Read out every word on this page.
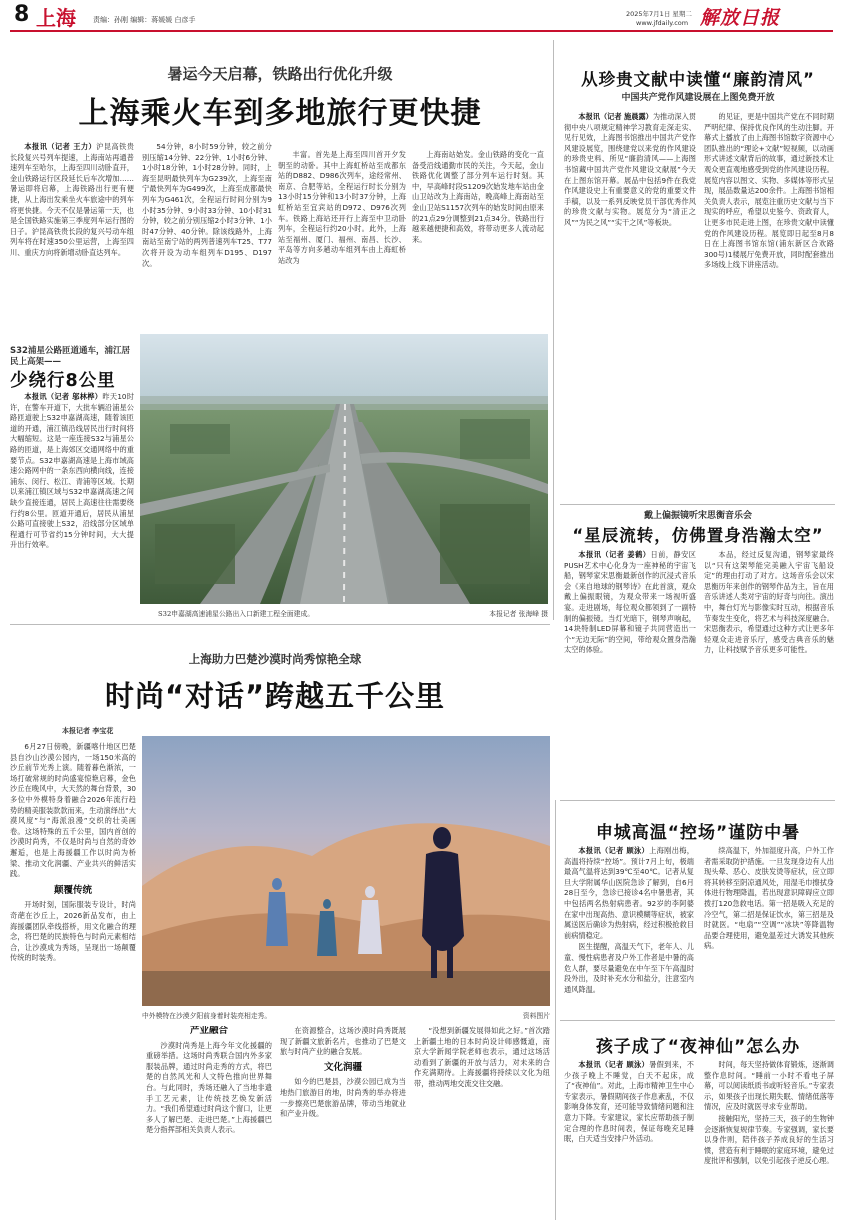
8 上海 责编：孙刚 编辑：蒋媛媛 白彦手
2025年7月1日 星期二
www.jfdaily.com 解放日报
暑运今天启幕，铁路出行优化升级
上海乘火车到多地旅行更快捷

本报讯（记者 王力）沪昆高铁贵长段复兴号列车提速，上海南站再通普速列车至哈尔，上海至四川动卧直开，金山铁路运行区段延长后车次增加……暑运即将启幕，上海铁路出行更有便捷，从上海出发乘坐火车旅途中的列车将更快捷。今天不仅是暑运第一天，也是全国铁路实施第三季度列车运行图的日子。沪昆高铁贵长段的复兴号动车组列车将在时速350公里运营，上海至四川、重庆方向将新增动卧直达列车。

54分钟，8小时59分钟，较之前分别压缩14分钟、22分钟、1小时6分钟、1小时18分钟，1小时28分钟。同时，上海至昆明最快列车为G239次，上海至南宁最快列车为G499次，上海至成都最快列车为G461次，全程运行时间分别为9小时35分钟、9小时33分钟、10小时31分钟，较之前分别压缩2小时3分钟、1小时47分钟、40分钟。除该线路外，上海南站至南宁站的两列普速列车T25、T77次将开设为动车组列车D195、D197次。

丰富。首先是上海至四川首开夕发朝至的动卧。其中上海虹桥站至成都东站的D882、D986次列车，途经常州、南京、合肥等站，全程运行时长分别为13小时15分钟和13小时37分钟，上海虹桥站至宜宾站的D972、D976次列车。铁路上海站还开行上海至中卫动卧列车，全程运行约20小时。此外，上海站至福州、厦门、福州、南昌、长沙、平岛等方向多趟动车组列车由上海虹桥站改为

上海南站始发。金山铁路的变化一直备受沿线通勤市民的关注，今天起，金山铁路优化调整了部分列车运行时刻。其中，早高峰时段S1209次始发地车站由金山卫站改为上海南站，晚高峰上海南站至金山卫站S1157次列车的始发时间由原来的21点29分调整到21点34分。铁路出行越来越便捷和高效，将带动更多人流动起来。

S32浦星公路匝道通车，浦江居民上高架——
少绕行8公里

本报讯（记者 邬林桦）昨天10时许，在警车开道下，大批车辆沿浦星公路匝道驶上S32申嘉湖高速，随着该匝道的开通，浦江镇沿线居民出行时间将大幅缩短。这是一座连接S32与浦星公路的匝道，是上海郊区交通网络中的重要节点。S32申嘉湖高速是上海市域高速公路网中的一条东西向横向线，连接浦东、闵行、松江、青浦等区域。长期以来浦江镇区域与S32申嘉湖高速之间缺少直接连通，居民上高速往往需要绕行约8公里。匝道开通后，居民从浦星公路可直接驶上S32，沿线部分区域单程通行可节省约15分钟时间，大大提升出行效率。

S32申嘉湖高速浦星公路出入口新建工程全面建成。	本报记者 张海峰 摄
从珍贵文献中读懂“廉韵清风”
中国共产党作风建设展在上图免费开放

本报讯（记者 施晨露）为推动深入贯彻中央八项规定精神学习教育走深走实、见行见效，上海图书馆推出中国共产党作风建设展览，围绕建党以来党的作风建设的珍贵史料、所见“廉韵清风——上海图书馆藏中国共产党作风建设文献展”今天在上图东馆开幕。展品中包括9件在我党作风建设史上有重要意义的党的重要文件手稿，以及一系列反映党员干部优秀作风的珍贵文献与实物。展览分为“清正之风”“为民之风”“实干之风”等板块。

的见证，更是中国共产党在不同时期严明纪律、保持优良作风的生动注脚。开幕式上播放了由上海图书馆数字资源中心团队推出的“理论+文献”短视频，以动画形式讲述文献背后的故事，通过新技术让观众更直观地感受到党的作风建设历程。展览内容以图文、实物、多媒体等形式呈现，展品数量达200余件。上海图书馆相关负责人表示，展览注重历史文献与当下现实的呼应，希望以史鉴今、资政育人，让更多市民走进上图，在珍贵文献中读懂党的作风建设历程。展览即日起至8月8日在上海图书馆东馆(浦东新区合欢路300号)1楼展厅免费开放，同时配套推出多场线上线下讲座活动。

戴上偏振镜听宋思衡音乐会
“星辰流转，仿佛置身浩瀚太空”

本报讯（记者 姜鹤）日前，静安区PUSH艺术中心化身为一座神秘的宇宙飞船，钢琴家宋思衡最新创作的沉浸式音乐会《来自地球的钢琴诗》在此首演，观众戴上偏振眼镜，为观众带来一场视听盛宴。走进剧场，每位观众都领到了一副特制的偏振镜。当灯光暗下，钢琴声响起，14块特制LED屏幕和镜子共同营造出一个“无边无际”的空间，带给观众置身浩瀚太空的体验。

本品，经过反复沟通，钢琴家最终以“只有这架琴能完美融入宇宙飞船设定”的理由打动了对方。这场音乐会以宋思衡历年来创作的钢琴作品为主，旨在用音乐讲述人类对宇宙的好奇与向往。演出中，舞台灯光与影像实时互动，根据音乐节奏发生变化，将艺术与科技深度融合。宋思衡表示，希望通过这种方式让更多年轻观众走进音乐厅，感受古典音乐的魅力，让科技赋予音乐更多可能性。

上海助力巴楚沙漠时尚秀惊艳全球
时尚“对话”跨越五千公里
本报记者 李宝花

6月27日傍晚，新疆喀什地区巴楚县自沙山沙漠公园内，一场150米高的沙丘前节光秀上演。随着暮色渐浓，一场打破常规的时尚盛宴惊艳启幕，金色沙丘在晚风中，大天然的舞台背景，30多位中外模特身着融合2026年流行趋势的精美服装款款而来，生动演绎出“大漠风度”与“海派浪漫”交织的壮美画卷。这场特殊的五千公里，国内首创的沙漠时尚秀，不仅是时尚与自然的奇妙邂逅，也是上海援疆工作以时尚为桥梁、推动文化润疆、产业共兴的鲜活实践。

颠覆传统

开场时刻，国际服装专设计，时尚奇葩在沙丘上，2026新品发布，由上海援疆团队牵线搭桥，用文化融合的理念，将巴楚的民族特色与时尚元素相结合，让沙漠成为秀场，呈现出一场颠覆传统的时装秀。

中外模特在沙漠夕阳前身着时装亮相走秀。	资料图片
产业融合

沙漠时尚秀是上海今年文化援疆的重磅举措。这场时尚秀联合国内外多家服装品牌，通过时尚走秀的方式，将巴楚的自然风光和人文特色推向世界舞台。与此同时，秀场还融入了当地非遗手工艺元素，让传统技艺焕发新活力。“我们希望通过时尚这个窗口，让更多人了解巴楚、走进巴楚。”上海援疆巴楚分指挥部相关负责人表示。

在资源整合，这场沙漠时尚秀既展现了新疆文旅新名片，也推动了巴楚文旅与时尚产业的融合发展。

文化润疆

如今的巴楚县，沙漠公园已成为当地热门旅游目的地，时尚秀的举办将进一步擦亮巴楚旅游品牌，带动当地就业和产业升级。

“没想到新疆发展得如此之好。”首次踏上新疆土地的日本时尚设计师感慨道，南京大学新闻学院老师也表示，通过这场活动看到了新疆的开放与活力，对未来的合作充满期待。上海援疆将持续以文化为纽带，推动两地交流交往交融。

申城高温“控场”谨防中暑

本报讯（记者 顾泳）上海刚出梅，高温将持续“控场”。预计7月上旬，极端最高气温将达到39℃至40℃。记者从复旦大学附属华山医院急诊了解到，自6月28日至今，急诊已接诊4名中暑患者，其中包括两名热射病患者。92岁的李阿婆在家中出现高热、意识模糊等症状，被家属送医后确诊为热射病，经过积极抢救目前病情稳定。

医生提醒，高温天气下，老年人、儿童、慢性病患者及户外工作者是中暑的高危人群，要尽量避免在中午至下午高温时段外出，及时补充水分和盐分，注意室内通风降温。

续高温下，外加湿度升高，户外工作者需采取防护措施。一旦发现身边有人出现头晕、恶心、皮肤发烫等症状，应立即将其转移至阴凉通风处，用湿毛巾擦拭身体进行物理降温，若出现意识障碍应立即拨打120急救电话。第一招是吸入充足的冷空气，第二招是保证饮水，第三招是及时就医。“电扇”“空调”“冰块”等降温物品要合理使用，避免温差过大诱发其他疾病。

孩子成了“夜神仙”怎么办

本报讯（记者 顾泳）暑假到来，不少孩子晚上不睡觉，白天不起床，成了“夜神仙”。对此，上海市精神卫生中心专家表示，暑假期间孩子作息紊乱，不仅影响身体发育，还可能导致情绪问题和注意力下降。专家建议，家长应帮助孩子制定合理的作息时间表，保证每晚充足睡眠，白天适当安排户外活动。

时间，每天坚持做体育锻炼，逐渐调整作息时间。“睡前一小时不看电子屏幕，可以阅读纸质书或听轻音乐。”专家表示，如果孩子出现长期失眠、情绪低落等情况，应及时就医寻求专业帮助。

接触阳光，坚持三天，孩子的生物钟会逐渐恢复规律节奏。专家强调，家长要以身作则，陪伴孩子养成良好的生活习惯，营造有利于睡眠的家庭环境，避免过度批评和强制，以免引起孩子逆反心理。
